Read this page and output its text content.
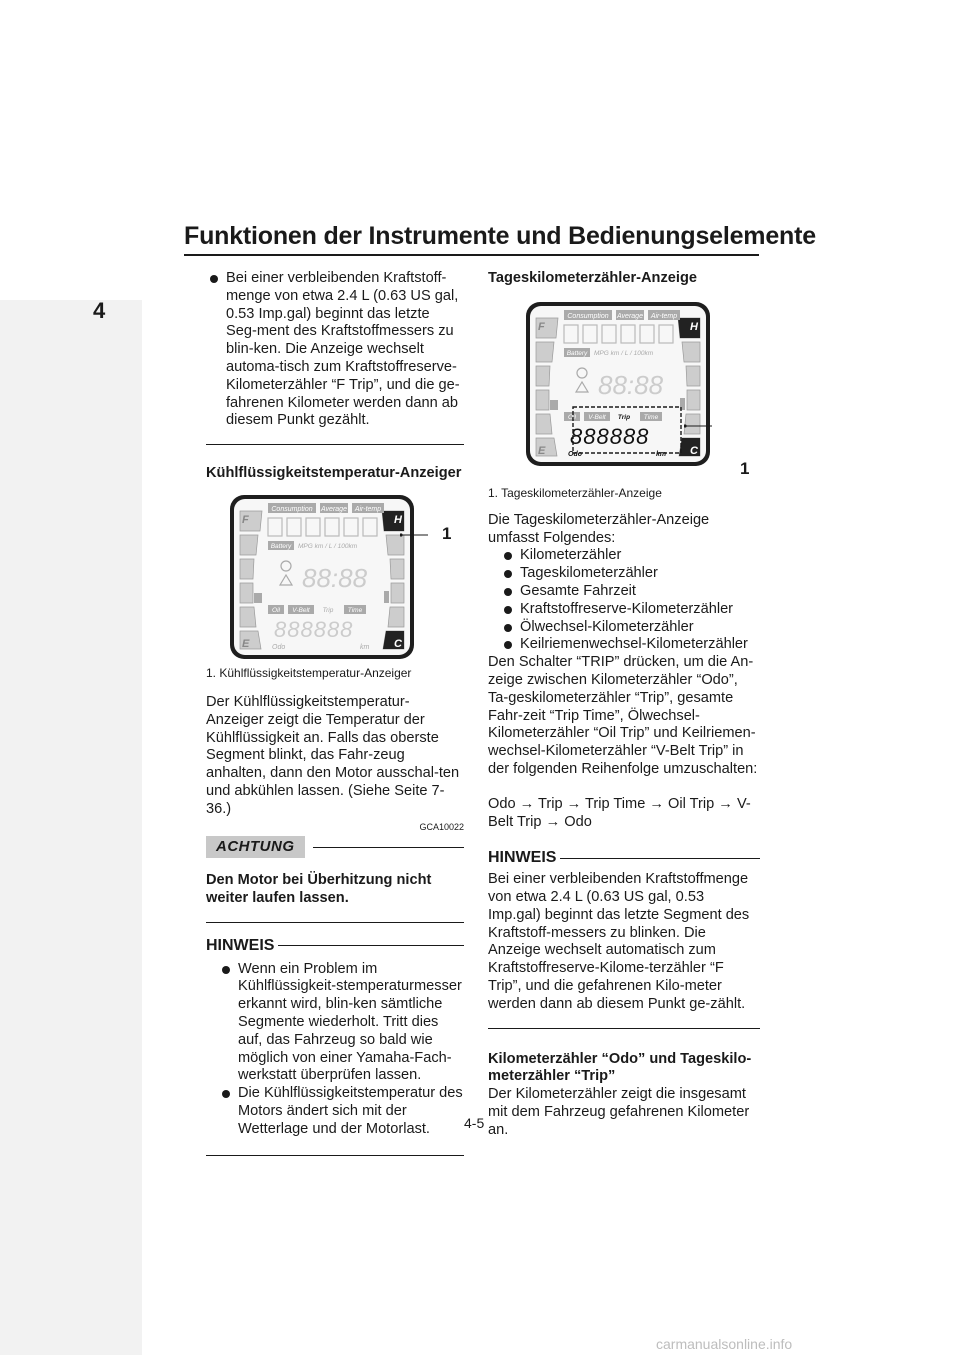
Funktionen der Instrumente und Bedienungselemente
4
Bei einer verbleibenden Kraftstoff-menge von etwa 2.4 L (0.63 US gal, 0.53 Imp.gal) beginnt das letzte Seg-ment des Kraftstoffmessers zu blin-ken. Die Anzeige wechselt automa-tisch zum Kraftstoffreserve-Kilometerzähler “F Trip”, und die ge-fahrenen Kilometer werden dann ab diesem Punkt gezählt.

Kühlflüssigkeitstemperatur-Anzeiger

F	H
E	C
Consumption Average Air-temp
Battery MPG km / L / 100km
88:88
Oil V-Belt Trip Time
888888
Odo	km
1

1. Kühlflüssigkeitstemperatur-Anzeiger

Der Kühlflüssigkeitstemperatur-Anzeiger zeigt die Temperatur der Kühlflüssigkeit an. Falls das oberste Segment blinkt, das Fahr-zeug anhalten, dann den Motor ausschal-ten und abkühlen lassen. (Siehe Seite 7-36.)

GCA10022
ACHTUNG

Den Motor bei Überhitzung nicht weiter laufen lassen.

HINWEIS
Wenn ein Problem im Kühlflüssigkeit-stemperaturmesser erkannt wird, blin-ken sämtliche Segmente wiederholt. Tritt dies auf, das Fahrzeug so bald wie möglich von einer Yamaha-Fach-werkstatt überprüfen lassen.
Die Kühlflüssigkeitstemperatur des Motors ändert sich mit der Wetterlage und der Motorlast.

Tageskilometerzähler-Anzeige

F	H
E	C
Consumption Average Air-temp
Battery MPG km / L / 100km
88:88
Oil V-Belt Trip Time
888888
Odo	km
1

1. Tageskilometerzähler-Anzeige

Die Tageskilometerzähler-Anzeige umfasst Folgendes:

Kilometerzähler
Tageskilometerzähler
Gesamte Fahrzeit
Kraftstoffreserve-Kilometerzähler
Ölwechsel-Kilometerzähler
Keilriemenwechsel-Kilometerzähler

Den Schalter “TRIP” drücken, um die An-zeige zwischen Kilometerzähler “Odo”, Ta-geskilometerzähler “Trip”, gesamte Fahr-zeit “Trip Time”, Ölwechsel-Kilometerzähler “Oil Trip” und Keilriemen-wechsel-Kilometerzähler “V-Belt Trip” in der folgenden Reihenfolge umzuschalten:

Odo → Trip → Trip Time → Oil Trip → V-Belt Trip → Odo

HINWEIS

Bei einer verbleibenden Kraftstoffmenge von etwa 2.4 L (0.63 US gal, 0.53 Imp.gal) beginnt das letzte Segment des Kraftstoff-messers zu blinken. Die Anzeige wechselt automatisch zum Kraftstoffreserve-Kilome-terzähler “F Trip”, und die gefahrenen Kilo-meter werden dann ab diesem Punkt ge-zählt.

Kilometerzähler “Odo” und Tageskilo-meterzähler “Trip”

Der Kilometerzähler zeigt die insgesamt mit dem Fahrzeug gefahrenen Kilometer an.

4-5
carmanualsonline.info
